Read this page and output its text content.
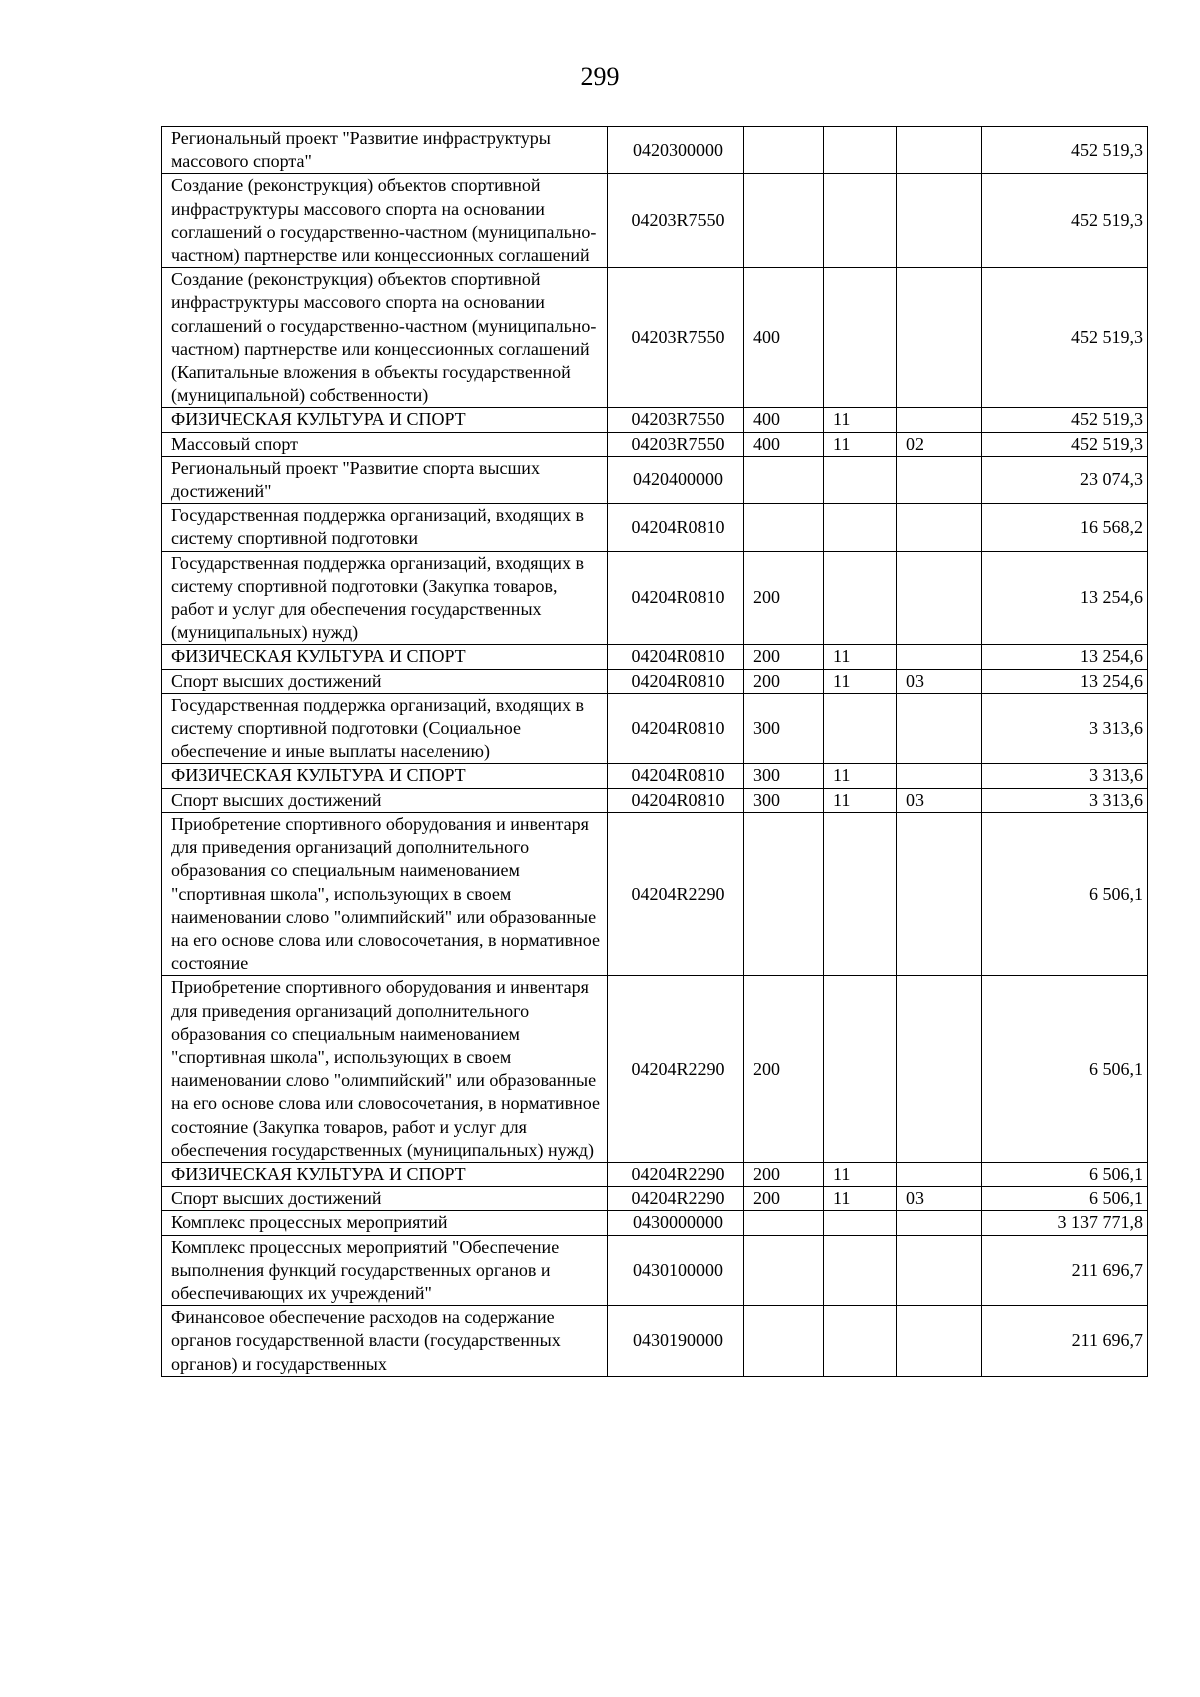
299
Региональный проект "Развитие инфраструктуры массового спорта"	0420300000				452 519,3
Создание (реконструкция) объектов спортивной инфраструктуры массового спорта на основании соглашений о государственно-частном (муниципально-частном) партнерстве или концессионных соглашений	04203R7550				452 519,3
Создание (реконструкция) объектов спортивной инфраструктуры массового спорта на основании соглашений о государственно-частном (муниципально-частном) партнерстве или концессионных соглашений (Капитальные вложения в объекты государственной (муниципальной) собственности)	04203R7550	400			452 519,3
ФИЗИЧЕСКАЯ КУЛЬТУРА И СПОРТ	04203R7550	400	11		452 519,3
Массовый спорт	04203R7550	400	11	02	452 519,3
Региональный проект "Развитие спорта высших достижений"	0420400000				23 074,3
Государственная поддержка организаций, входящих в систему спортивной подготовки	04204R0810				16 568,2
Государственная поддержка организаций, входящих в систему спортивной подготовки (Закупка товаров, работ и услуг для обеспечения государственных (муниципальных) нужд)	04204R0810	200			13 254,6
ФИЗИЧЕСКАЯ КУЛЬТУРА И СПОРТ	04204R0810	200	11		13 254,6
Спорт высших достижений	04204R0810	200	11	03	13 254,6
Государственная поддержка организаций, входящих в систему спортивной подготовки (Социальное обеспечение и иные выплаты населению)	04204R0810	300			3 313,6
ФИЗИЧЕСКАЯ КУЛЬТУРА И СПОРТ	04204R0810	300	11		3 313,6
Спорт высших достижений	04204R0810	300	11	03	3 313,6
Приобретение спортивного оборудования и инвентаря для приведения организаций дополнительного образования со специальным наименованием "спортивная школа", использующих в своем наименовании слово "олимпийский" или образованные на его основе слова или словосочетания, в нормативное состояние	04204R2290				6 506,1
Приобретение спортивного оборудования и инвентаря для приведения организаций дополнительного образования со специальным наименованием "спортивная школа", использующих в своем наименовании слово "олимпийский" или образованные на его основе слова или словосочетания, в нормативное состояние (Закупка товаров, работ и услуг для обеспечения государственных (муниципальных) нужд)	04204R2290	200			6 506,1
ФИЗИЧЕСКАЯ КУЛЬТУРА И СПОРТ	04204R2290	200	11		6 506,1
Спорт высших достижений	04204R2290	200	11	03	6 506,1
Комплекс процессных мероприятий	0430000000				3 137 771,8
Комплекс процессных мероприятий "Обеспечение выполнения функций государственных органов и обеспечивающих их учреждений"	0430100000				211 696,7
Финансовое обеспечение расходов на содержание органов государственной власти (государственных органов) и государственных	0430190000				211 696,7
